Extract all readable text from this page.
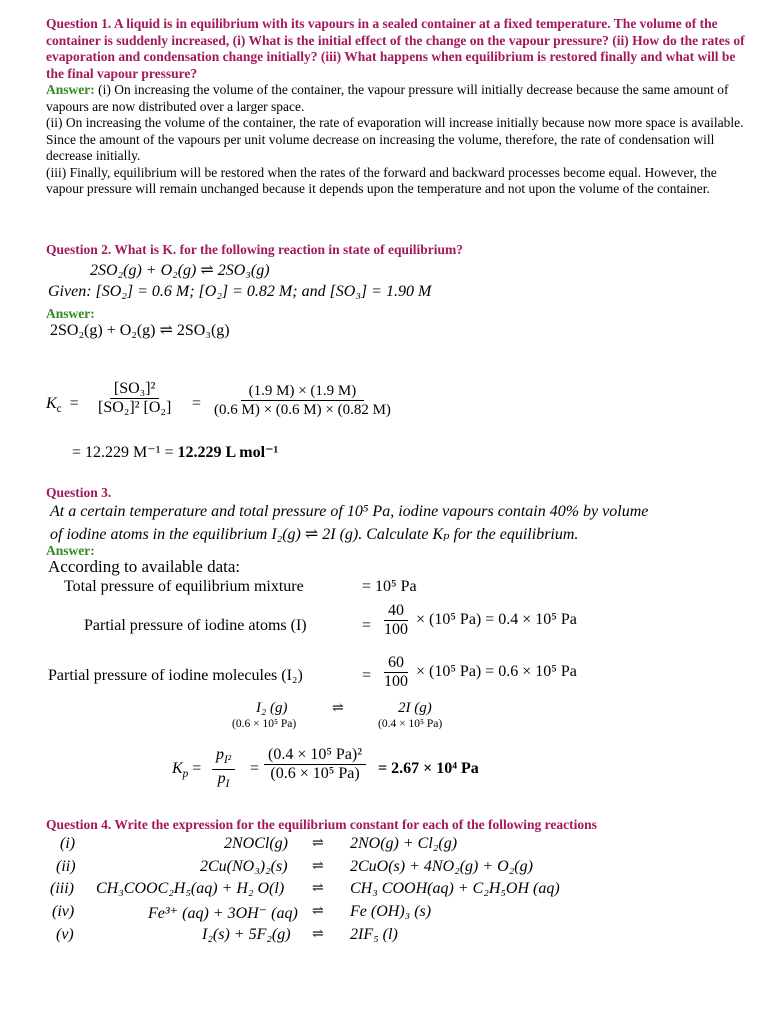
Question 1. A liquid is in equilibrium with its vapours in a sealed container at a fixed temperature. The volume of the container is suddenly increased, (i) What is the initial effect of the change on the vapour pressure? (ii) How do the rates of evaporation and condensation change initially? (iii) What happens when equilibrium is restored finally and what will be the final vapour pressure?
Answer: (i) On increasing the volume of the container, the vapour pressure will initially decrease because the same amount of vapours are now distributed over a larger space.
(ii) On increasing the volume of the container, the rate of evaporation will increase initially because now more space is available. Since the amount of the vapours per unit volume decrease on increasing the volume, therefore, the rate of condensation will decrease initially.
(iii) Finally, equilibrium will be restored when the rates of the forward and backward processes become equal. However, the vapour pressure will remain unchanged because it depends upon the temperature and not upon the volume of the container.
Question 2. What is K. for the following reaction in state of equilibrium?
2SO₂(g) + O₂(g) ⇌ 2SO₃(g)
Given: [SO₂] = 0.6 M; [O₂] = 0.82 M; and [SO₃] = 1.90 M
Answer:
2SO₂(g) + O₂(g) ⇌ 2SO₃(g)
$K_c = \frac{\text{[SO₃]²}}{\text{[SO₂]² [O₂]}} = \frac{(1.9 M) \times (1.9 M)}{(0.6 M) \times (0.6 M) \times (0.82 M)}$
= 12.229 M⁻¹ = 12.229 L mol⁻¹
Question 3.
At a certain temperature and total pressure of 10⁵ Pa, iodine vapours contain 40% by volume
of iodine atoms in the equilibrium I₂(g) ⇌ 2I (g). Calculate Kₚ for the equilibrium.
Answer:
According to available data:
Total pressure of equilibrium mixture	= 10⁵ Pa
Partial pressure of iodine atoms (I)	= $\frac{40}{100} \times (10^5$ Pa) = 0.4 × 10⁵ Pa
Partial pressure of iodine molecules (I₂)	= $\frac{60}{100} \times (10^5$ Pa) = 0.6 × 10⁵ Pa
I₂ (g)
(0.6 × 10⁵ Pa)
⇌	2I (g)
(0.4 × 10⁵ Pa)
$K_p = \frac{p_{I^2}}{p_I} = \frac{\text{(0.4 × 10⁵ Pa)²}}{\text{(0.6 × 10⁵ Pa)}} = 2.67 \times 10^4$ Pa
Question 4. Write the expression for the equilibrium constant for each of the following reactions
(i)	2NOCl(g) ⇌ 2NO(g) + Cl₂(g)
(ii)	2Cu(NO₃)₂(s) ⇌ 2CuO(s) + 4NO₂(g) + O₂(g)
(iii) CH₃COOC₂H₅(aq) + H₂ O(l) ⇌ CH₃ COOH(aq) + C₂H₅OH (aq)
(iv)	Fe³⁺ (aq) + 3OH⁻ (aq) ⇌ Fe (OH)₃ (s)
(v)	I₂(s) + 5F₂(g) ⇌ 2IF₅ (l)
